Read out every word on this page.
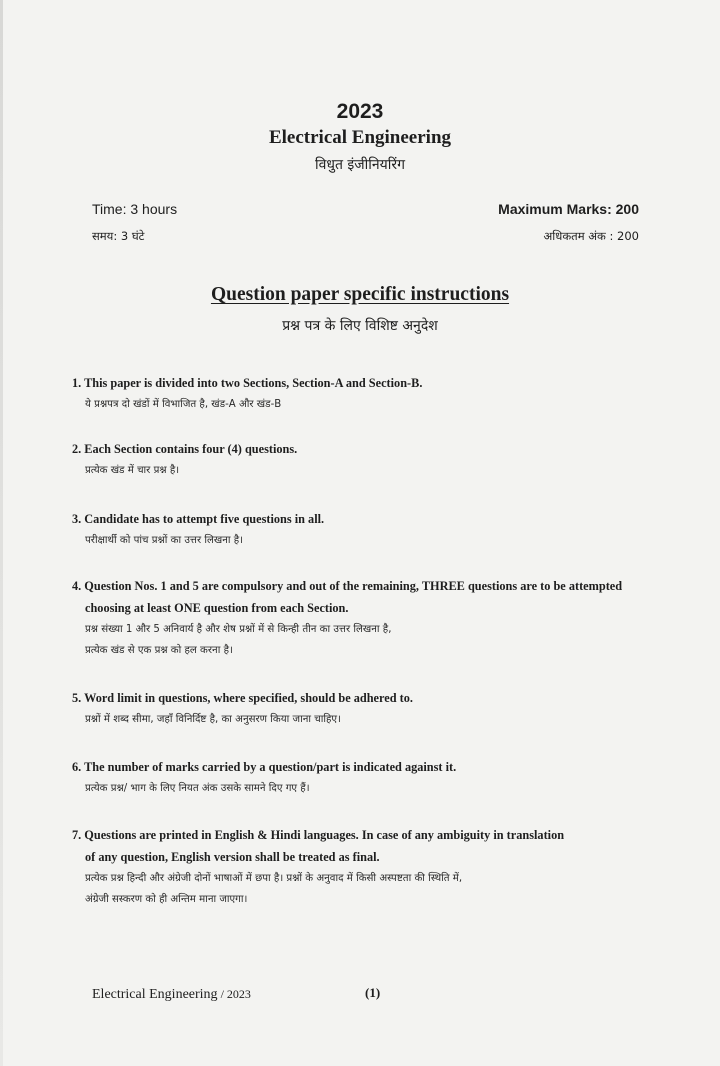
2023
Electrical Engineering
विधुत इंजीनियरिंग
Time: 3 hours	Maximum Marks: 200
समय: 3 घंटे	अधिकतम अंक : 200
Question paper specific instructions
प्रश्न पत्र के लिए विशिष्ट अनुदेश
1. This paper is divided into two Sections, Section-A and Section-B.
ये प्रश्नपत्र दो खंडों में विभाजित है, खंड-A और खंड-B
2. Each Section contains four (4) questions.
प्रत्येक खंड में चार प्रश्न है।
3. Candidate has to attempt five questions in all.
परीक्षार्थी को पांच प्रश्नों का उत्तर लिखना है।
4. Question Nos. 1 and 5 are compulsory and out of the remaining, THREE questions are to be attempted
choosing at least ONE question from each Section.
प्रश्न संख्या 1 और 5 अनिवार्य है और शेष प्रश्नों में से किन्ही तीन का उत्तर लिखना है,
प्रत्येक खंड से एक प्रश्न को हल करना है।
5. Word limit in questions, where specified, should be adhered to.
प्रश्नों में शब्द सीमा, जहाँ विनिर्दिष्ट है, का अनुसरण किया जाना चाहिए।
6. The number of marks carried by a question/part is indicated against it.
प्रत्येक प्रश्न/ भाग के लिए नियत अंक उसके सामने दिए गए हैं।
7. Questions are printed in English & Hindi languages. In case of any ambiguity in translation
of any question, English version shall be treated as final.
प्रत्येक प्रश्न हिन्दी और अंग्रेजी दोनों भाषाओं में छपा है। प्रश्नों के अनुवाद में किसी अस्पष्टता की स्थिति में,
अंग्रेजी सस्करण को ही अन्तिम माना जाएगा।
Electrical Engineering / 2023	(1)
